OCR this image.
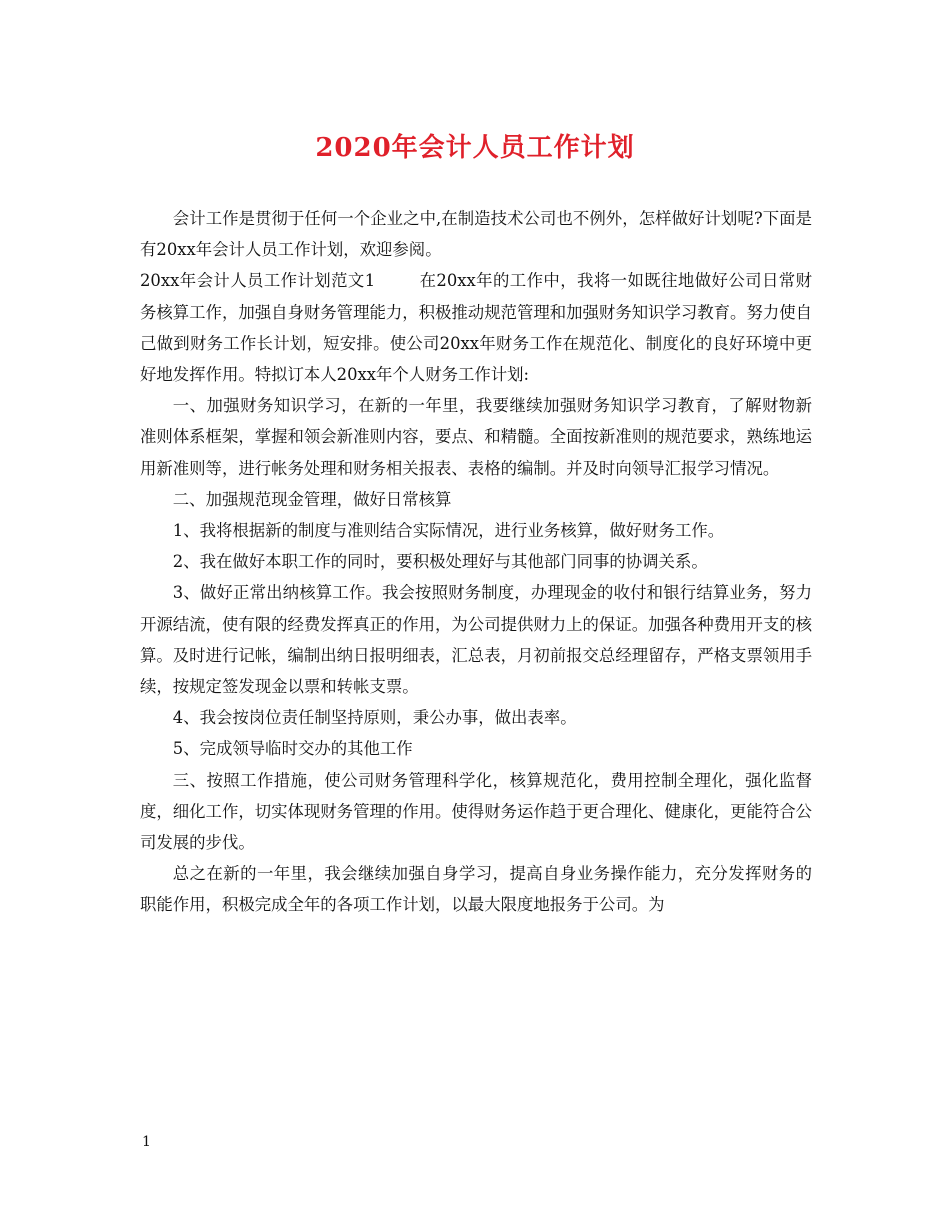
2020年会计人员工作计划

会计工作是贯彻于任何一个企业之中,在制造技术公司也不例外，怎样做好计划呢?下面是有20xx年会计人员工作计划，欢迎参阅。

20xx年会计人员工作计划范文1	在20xx年的工作中，我将一如既往地做好公司日常财务核算工作，加强自身财务管理能力，积极推动规范管理和加强财务知识学习教育。努力使自己做到财务工作长计划，短安排。使公司20xx年财务工作在规范化、制度化的良好环境中更好地发挥作用。特拟订本人20xx年个人财务工作计划:

一、加强财务知识学习，在新的一年里，我要继续加强财务知识学习教育，了解财物新准则体系框架，掌握和领会新准则内容，要点、和精髓。全面按新准则的规范要求，熟练地运用新准则等，进行帐务处理和财务相关报表、表格的编制。并及时向领导汇报学习情况。

二、加强规范现金管理，做好日常核算

1、我将根据新的制度与准则结合实际情况，进行业务核算，做好财务工作。

2、我在做好本职工作的同时，要积极处理好与其他部门同事的协调关系。

3、做好正常出纳核算工作。我会按照财务制度，办理现金的收付和银行结算业务，努力开源结流，使有限的经费发挥真正的作用，为公司提供财力上的保证。加强各种费用开支的核算。及时进行记帐，编制出纳日报明细表，汇总表，月初前报交总经理留存，严格支票领用手续，按规定签发现金以票和转帐支票。

4、我会按岗位责任制坚持原则，秉公办事，做出表率。

5、完成领导临时交办的其他工作

三、按照工作措施，使公司财务管理科学化，核算规范化，费用控制全理化，强化监督度，细化工作，切实体现财务管理的作用。使得财务运作趋于更合理化、健康化，更能符合公司发展的步伐。

总之在新的一年里，我会继续加强自身学习，提高自身业务操作能力，充分发挥财务的职能作用，积极完成全年的各项工作计划，以最大限度地报务于公司。为

1
